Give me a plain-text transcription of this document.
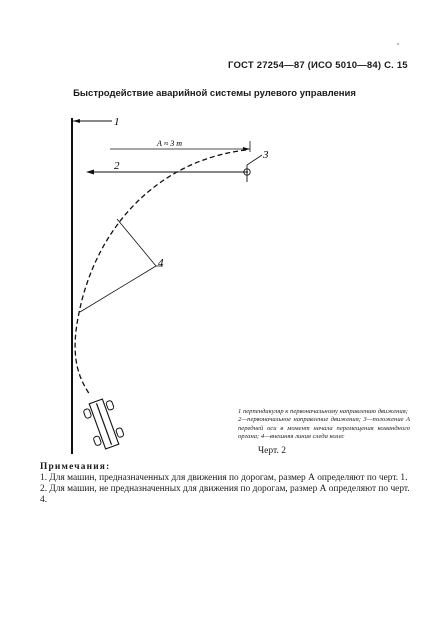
ГОСТ 27254—87 (ИСО 5010—84) С. 15
Быстродействие аварийной системы рулевого управления
1
А ≈ 3 m
2
3
4

1 перпендикуляр к первоначальному направлению движения;

2—первоначальное направление движения; 3—положение А передней оси в момент начала перемещения командного органа; 4—внешняя линия следа колес

Черт. 2

Примечания:

1. Для машин, предназначенных для движения по дорогам, размер А определяют по черт. 1.

2. Для машин, не предназначенных для движения по дорогам, размер А определяют по черт. 4.
